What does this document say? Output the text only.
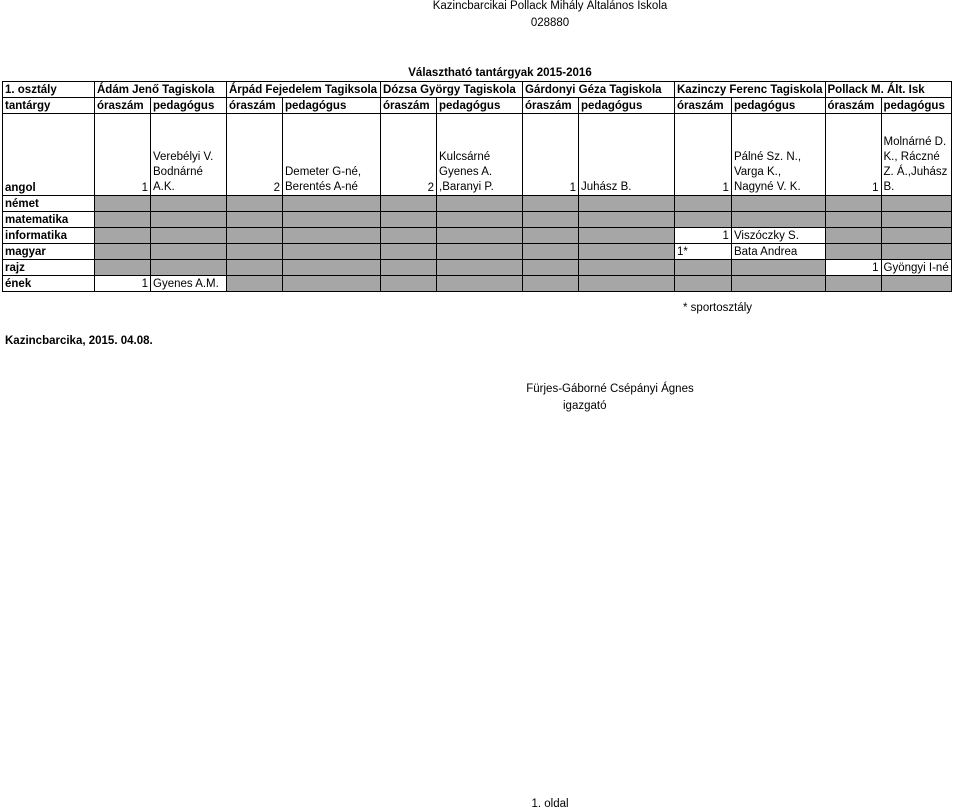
Kazincbarcikai Pollack Mihály Általános Iskola
028880
Választható tantárgyak 2015-2016
1. osztály	Ádám Jenő Tagiskola		Árpád Fejedelem Tagiksola		Dózsa György Tagiskola		Gárdonyi Géza Tagiskola		Kazinczy Ferenc Tagiskola		Pollack M. Ált. Isk	
tantárgy	óraszám	pedagógus	óraszám	pedagógus	óraszám	pedagógus	óraszám	pedagógus	óraszám	pedagógus	óraszám	pedagógus
angol	1	Verebélyi V. Bodnárné A.K.	2	Demeter G-né, Berentés A-né	2	Kulcsárné Gyenes A. ,Baranyi P.	1	Juhász B.	1	Pálné Sz. N., Varga K., Nagyné V. K.	1	Molnárné D. K., Ráczné Z. Á.,Juhász B.
német												
matematika												
informatika									1	Viszóczky S.		
magyar									1*	Bata Andrea		
rajz											1	Gyöngyi I-né
ének	1	Gyenes A.M.										
* sportosztály
Kazincbarcika, 2015. 04.08.
Fürjes-Gáborné Csépányi Ágnes
igazgató
1. oldal
